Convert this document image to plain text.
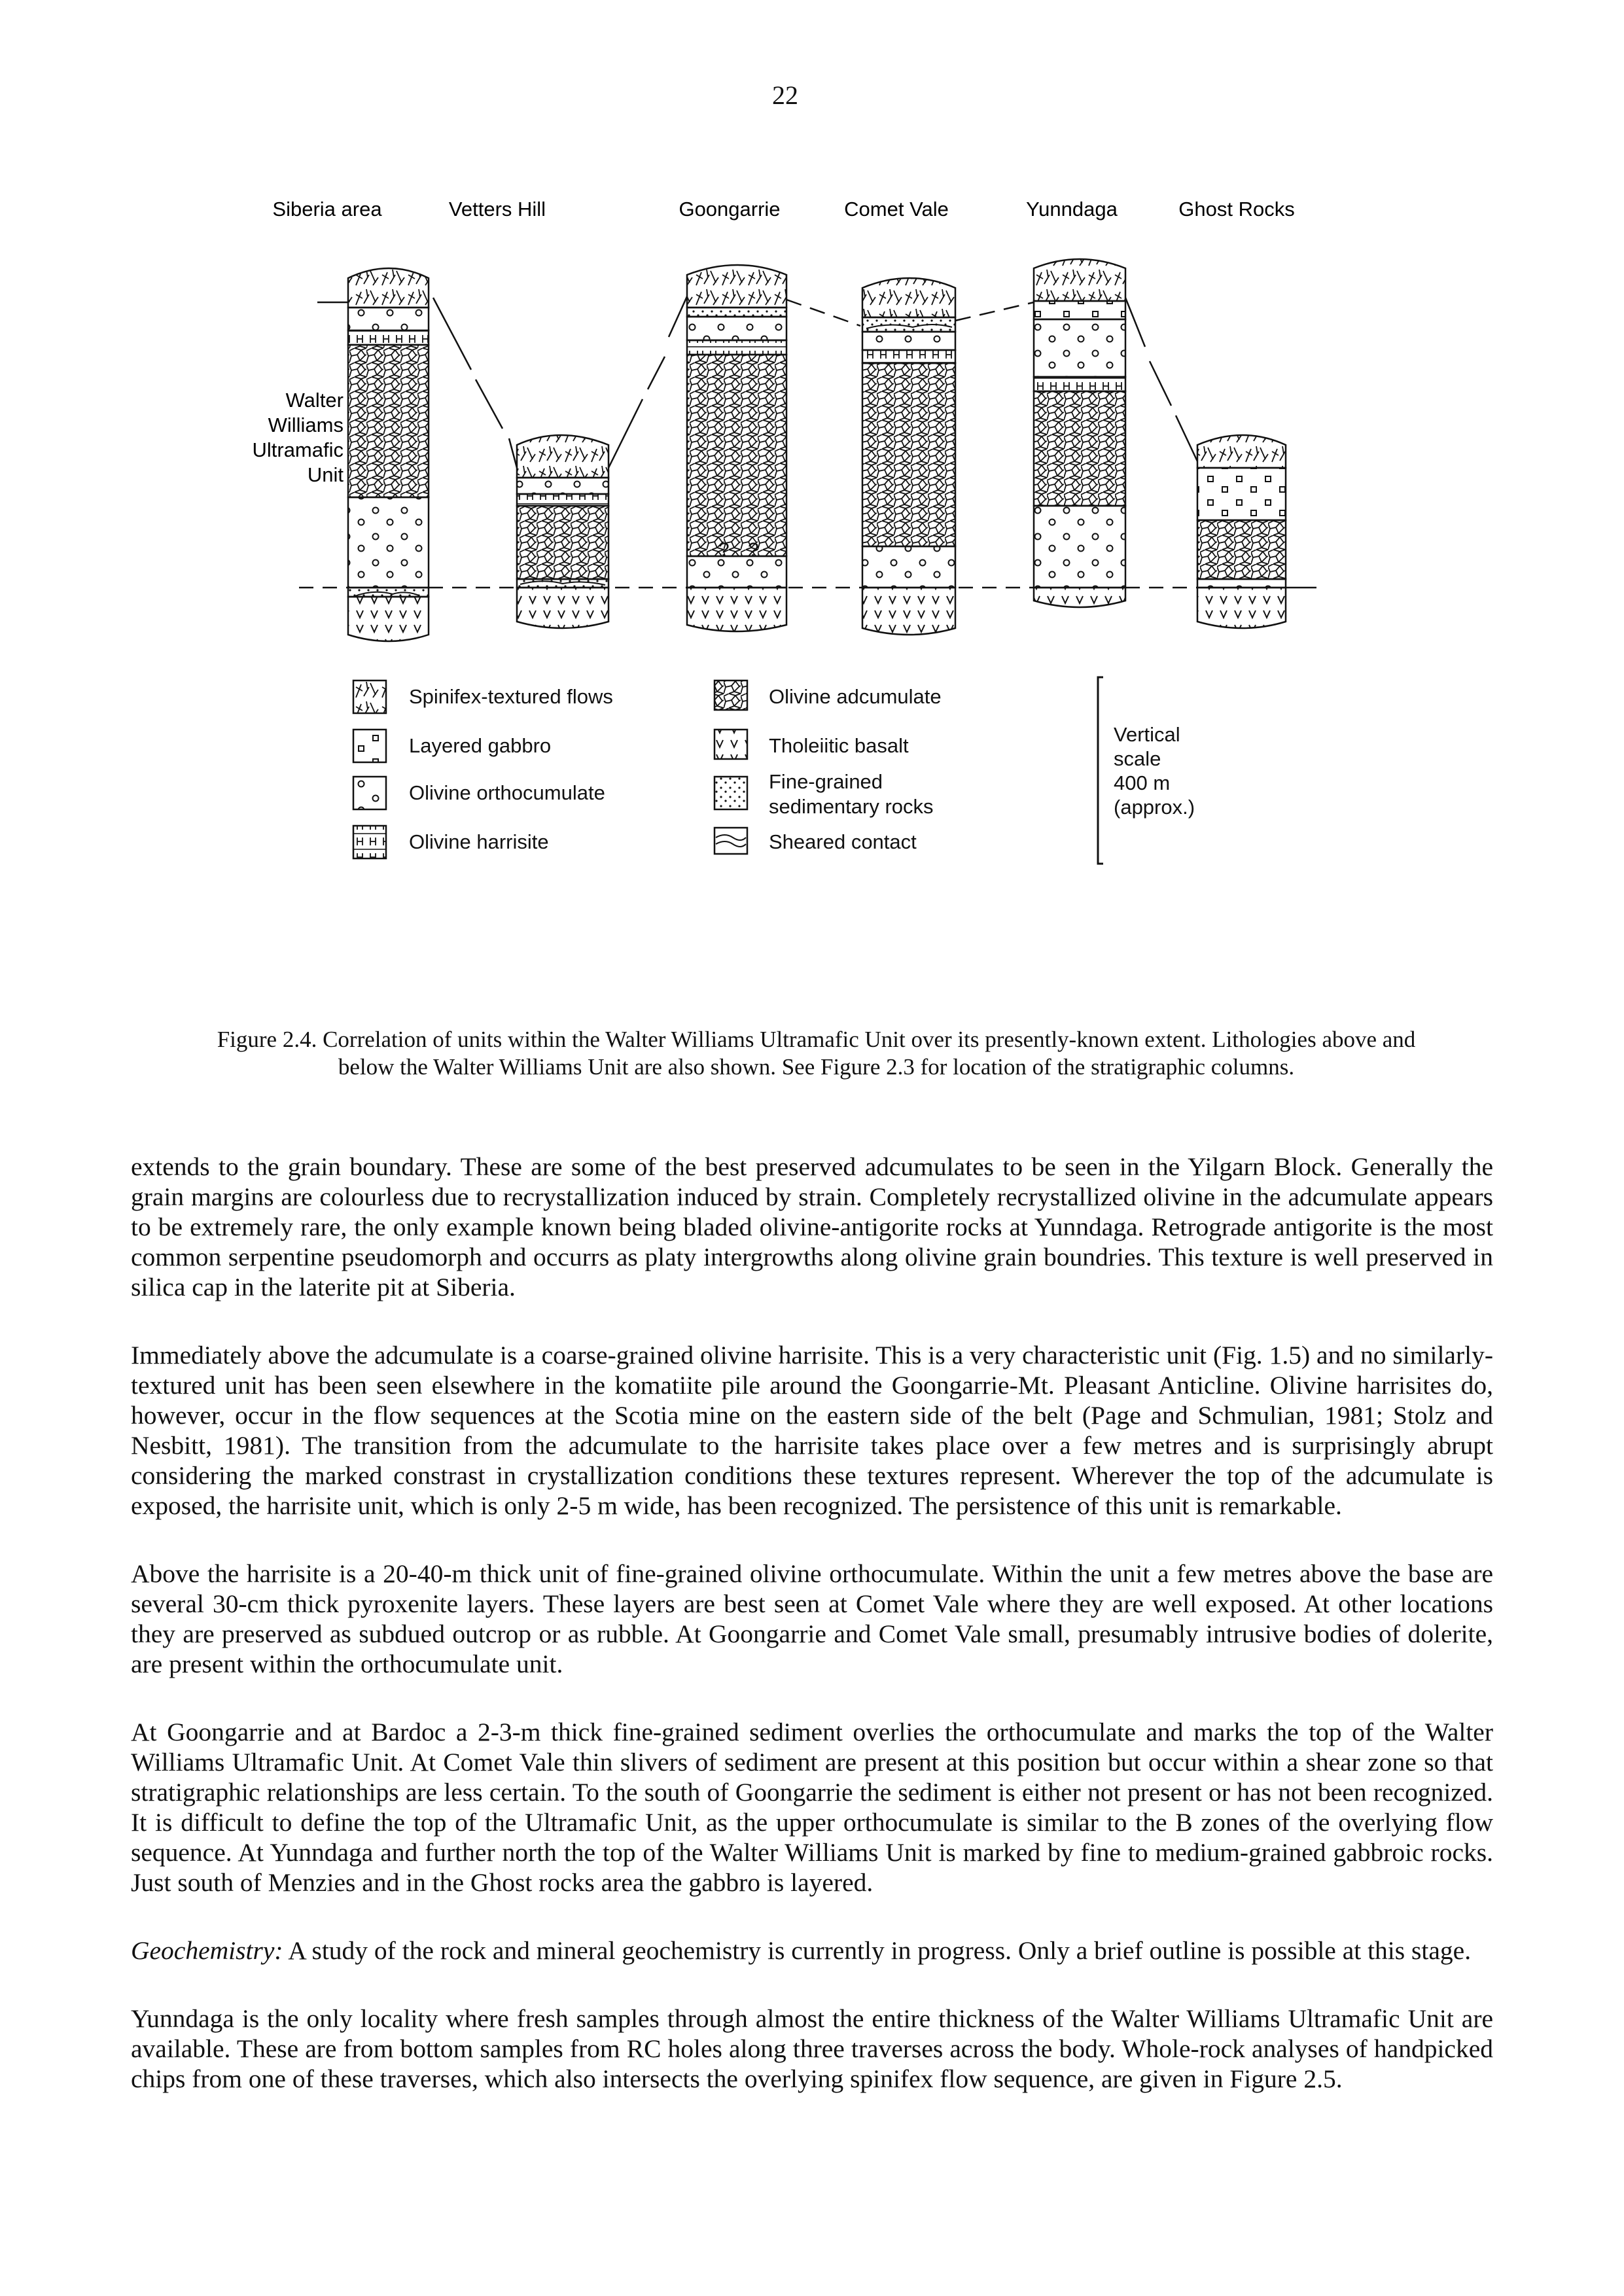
22
Siberia area	Vetters Hill	Goongarrie	Comet Vale	Yunndaga	Ghost Rocks
Walter
Williams
Ultramafic
Unit
? ?
Spinifex-textured flows
Layered gabbro
Olivine orthocumulate
Olivine harrisite
Olivine adcumulate
Tholeiitic basalt
Fine-grained
sedimentary rocks
Sheared contact
Vertical
scale
400 m
(approx.)
Figure 2.4. Correlation of units within the Walter Williams Ultramafic Unit over its presently-known extent. Lithologies above and below the Walter Williams Unit are also shown. See Figure 2.3 for location of the stratigraphic columns.

extends to the grain boundary. These are some of the best preserved adcumulates to be seen in the Yilgarn Block. Generally the grain margins are colourless due to recrystallization induced by strain. Completely recrystallized olivine in the adcumulate appears to be extremely rare, the only example known being bladed olivine-antigorite rocks at Yunndaga. Retrograde antigorite is the most common serpentine pseudomorph and occurrs as platy intergrowths along olivine grain boundries. This texture is well preserved in silica cap in the laterite pit at Siberia.

Immediately above the adcumulate is a coarse-grained olivine harrisite. This is a very characteristic unit (Fig. 1.5) and no similarly-textured unit has been seen elsewhere in the komatiite pile around the Goongarrie-Mt. Pleasant Anticline. Olivine harrisites do, however, occur in the flow sequences at the Scotia mine on the eastern side of the belt (Page and Schmulian, 1981; Stolz and Nesbitt, 1981). The transition from the adcumulate to the harrisite takes place over a few metres and is surprisingly abrupt considering the marked constrast in crystallization conditions these textures represent. Wherever the top of the adcumulate is exposed, the harrisite unit, which is only 2-5 m wide, has been recognized. The persistence of this unit is remarkable.

Above the harrisite is a 20-40-m thick unit of fine-grained olivine orthocumulate. Within the unit a few metres above the base are several 30-cm thick pyroxenite layers. These layers are best seen at Comet Vale where they are well exposed. At other locations they are preserved as subdued outcrop or as rubble. At Goongarrie and Comet Vale small, presumably intrusive bodies of dolerite, are present within the orthocumulate unit.

At Goongarrie and at Bardoc a 2-3-m thick fine-grained sediment overlies the orthocumulate and marks the top of the Walter Williams Ultramafic Unit. At Comet Vale thin slivers of sediment are present at this position but occur within a shear zone so that stratigraphic relationships are less certain. To the south of Goongarrie the sediment is either not present or has not been recognized. It is difficult to define the top of the Ultramafic Unit, as the upper orthocumulate is similar to the B zones of the overlying flow sequence. At Yunndaga and further north the top of the Walter Williams Unit is marked by fine to medium-grained gabbroic rocks. Just south of Menzies and in the Ghost rocks area the gabbro is layered.

Geochemistry: A study of the rock and mineral geochemistry is currently in progress. Only a brief outline is possible at this stage.

Yunndaga is the only locality where fresh samples through almost the entire thickness of the Walter Williams Ultramafic Unit are available. These are from bottom samples from RC holes along three traverses across the body. Whole-rock analyses of handpicked chips from one of these traverses, which also intersects the overlying spinifex flow sequence, are given in Figure 2.5.
